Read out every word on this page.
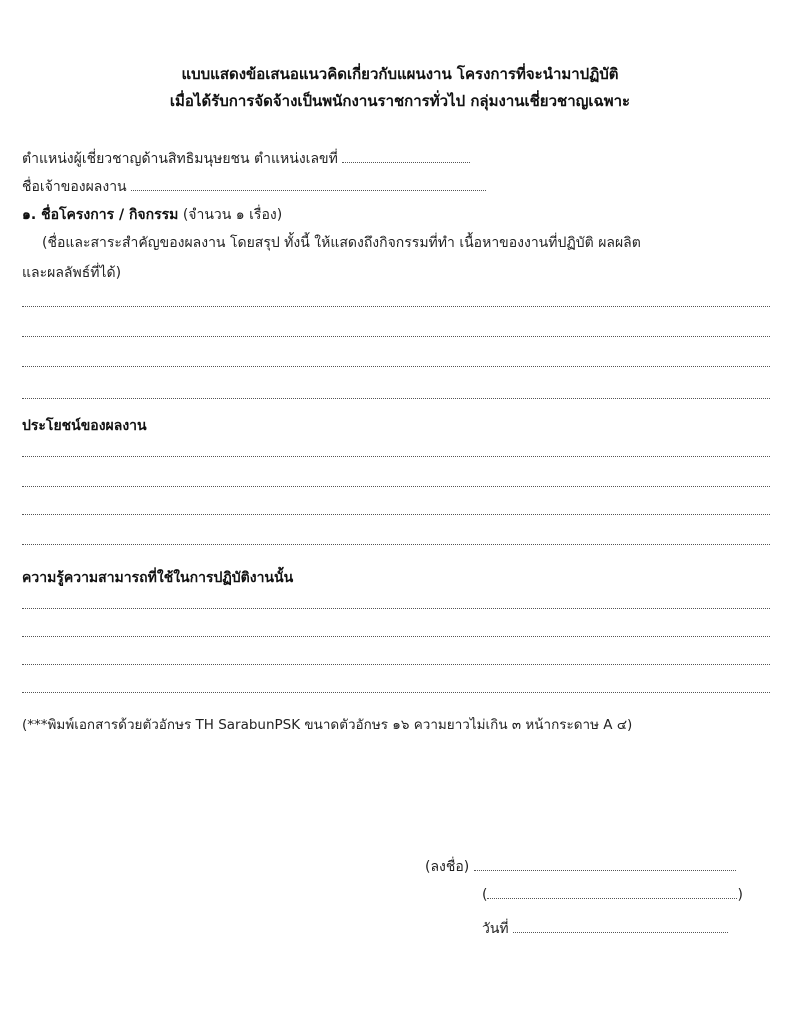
แบบแสดงข้อเสนอแนวคิดเกี่ยวกับแผนงาน โครงการที่จะนำมาปฏิบัติ
เมื่อได้รับการจัดจ้างเป็นพนักงานราชการทั่วไป กลุ่มงานเชี่ยวชาญเฉพาะ
ตำแหน่งผู้เชี่ยวชาญด้านสิทธิมนุษยชน ตำแหน่งเลขที่
ชื่อเจ้าของผลงาน
๑. ชื่อโครงการ / กิจกรรม (จำนวน ๑ เรื่อง)
(ชื่อและสาระสำคัญของผลงาน โดยสรุป ทั้งนี้ ให้แสดงถึงกิจกรรมที่ทำ เนื้อหาของงานที่ปฏิบัติ ผลผลิต
และผลลัพธ์ที่ได้)
ประโยชน์ของผลงาน
ความรู้ความสามารถที่ใช้ในการปฏิบัติงานนั้น
(***พิมพ์เอกสารด้วยตัวอักษร TH SarabunPSK ขนาดตัวอักษร ๑๖ ความยาวไม่เกิน ๓ หน้ากระดาษ A ๔)
(ลงชื่อ)
(	)
วันที่
